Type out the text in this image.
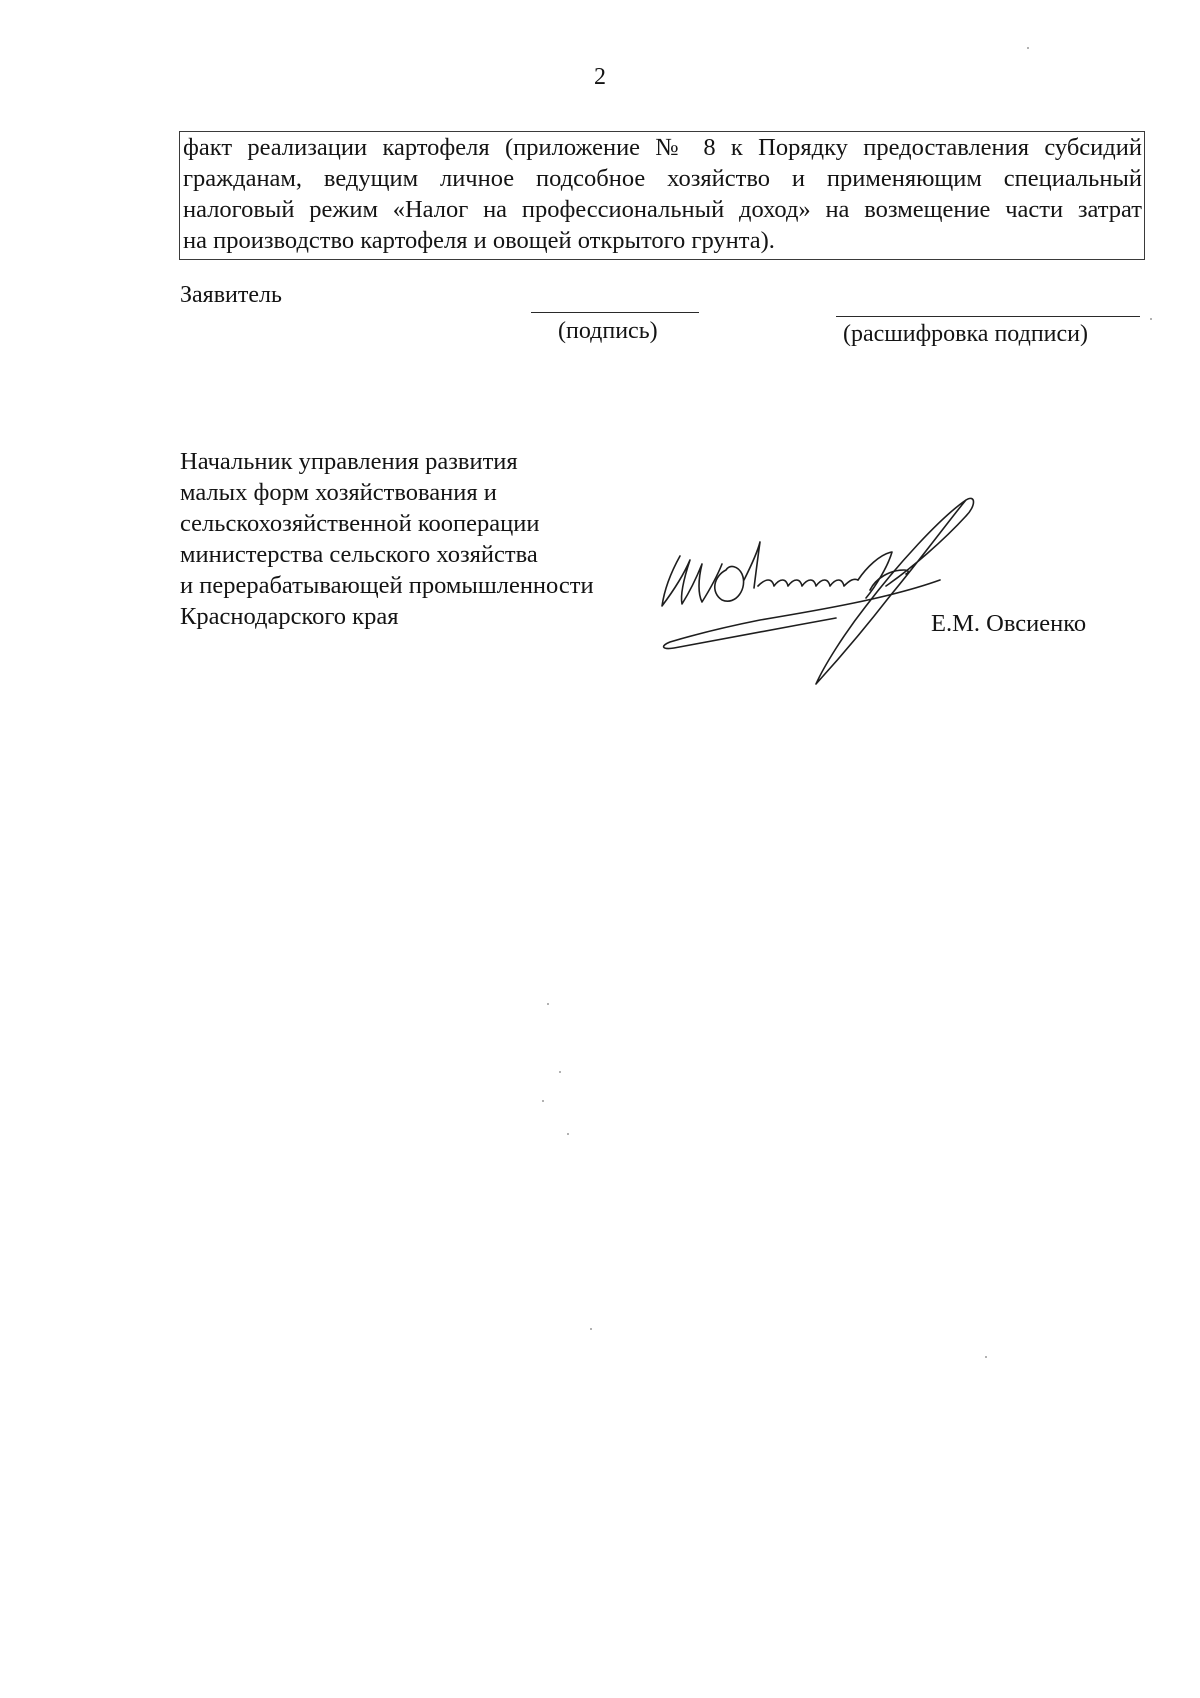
2
факт реализации картофеля (приложение № 8 к Порядку предоставления субсидий
гражданам, ведущим личное подсобное хозяйство и применяющим специальный
налоговый режим «Налог на профессиональный доход» на возмещение части затрат
на производство картофеля и овощей открытого грунта).
Заявитель
(подпись)	(расшифровка подписи)
Начальник управления развития
малых форм хозяйствования и
сельскохозяйственной кооперации
министерства сельского хозяйства
и перерабатывающей промышленности
Краснодарского края	Е.М. Овсиенко
